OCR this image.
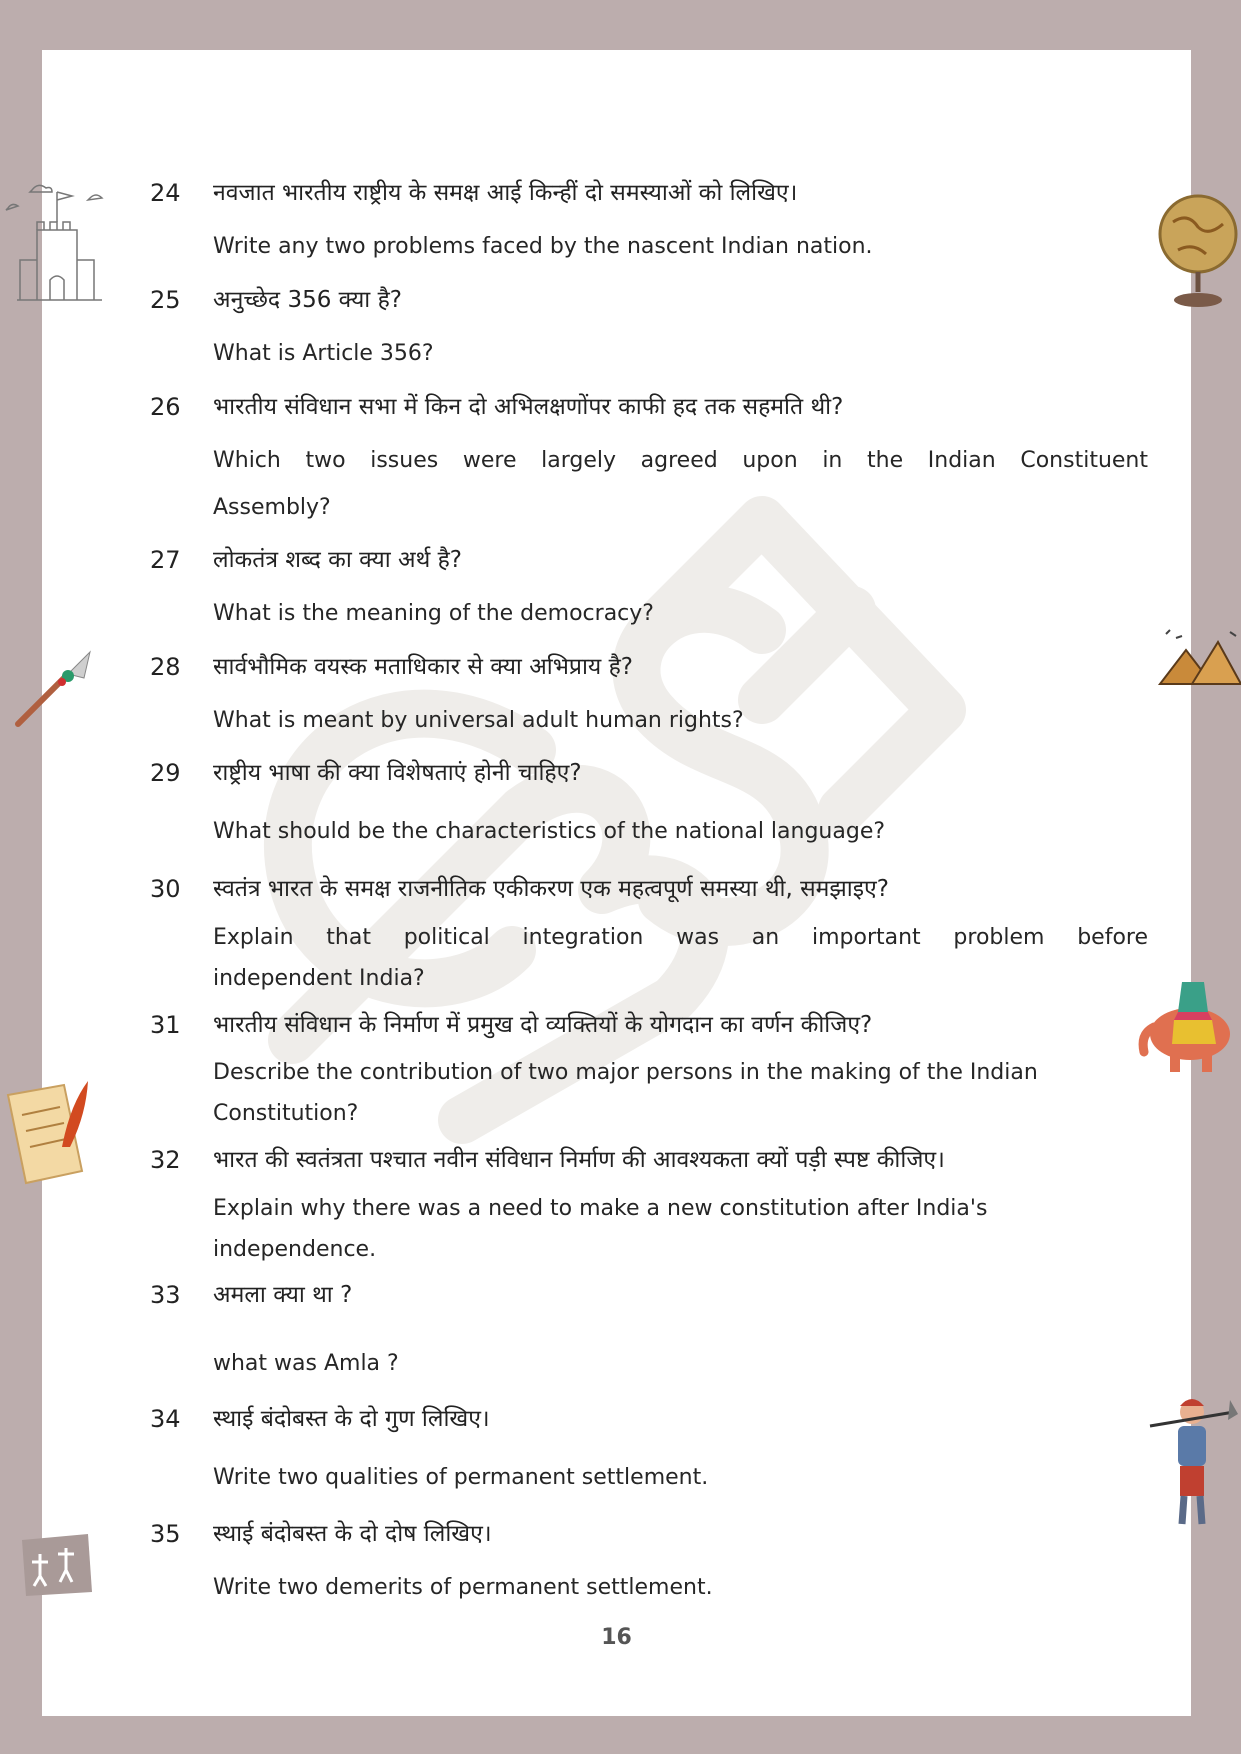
24	नवजात भारतीय राष्ट्रीय के समक्ष आई किन्हीं दो समस्याओं को लिखिए।
Write any two problems faced by the nascent Indian nation.
25	अनुच्छेद 356 क्या है?
What is Article 356?
26	भारतीय संविधान सभा में किन दो अभिलक्षणोंपर काफी हद तक सहमति थी?
Which two issues were largely agreed upon in the Indian Constituent
Assembly?
27	लोकतंत्र शब्द का क्या अर्थ है?
What is the meaning of the democracy?
28	सार्वभौमिक वयस्क मताधिकार से क्या अभिप्राय है?
What is meant by universal adult human rights?
29	राष्ट्रीय भाषा की क्या विशेषताएं होनी चाहिए?
What should be the characteristics of the national language?
30	स्वतंत्र भारत के समक्ष राजनीतिक एकीकरण एक महत्वपूर्ण समस्या थी, समझाइए?
Explain that political integration was an important problem before
independent India?
31	भारतीय संविधान के निर्माण में प्रमुख दो व्यक्तियों के योगदान का वर्णन कीजिए?
Describe the contribution of two major persons in the making of the Indian
Constitution?
32	भारत की स्वतंत्रता पश्चात नवीन संविधान निर्माण की आवश्यकता क्यों पड़ी स्पष्ट कीजिए।
Explain why there was a need to make a new constitution after India's
independence.
33	अमला क्या था ?
what was Amla ?
34	स्थाई बंदोबस्त के दो गुण लिखिए।
Write two qualities of permanent settlement.
35	स्थाई बंदोबस्त के दो दोष लिखिए।
Write two demerits of permanent settlement.
16
